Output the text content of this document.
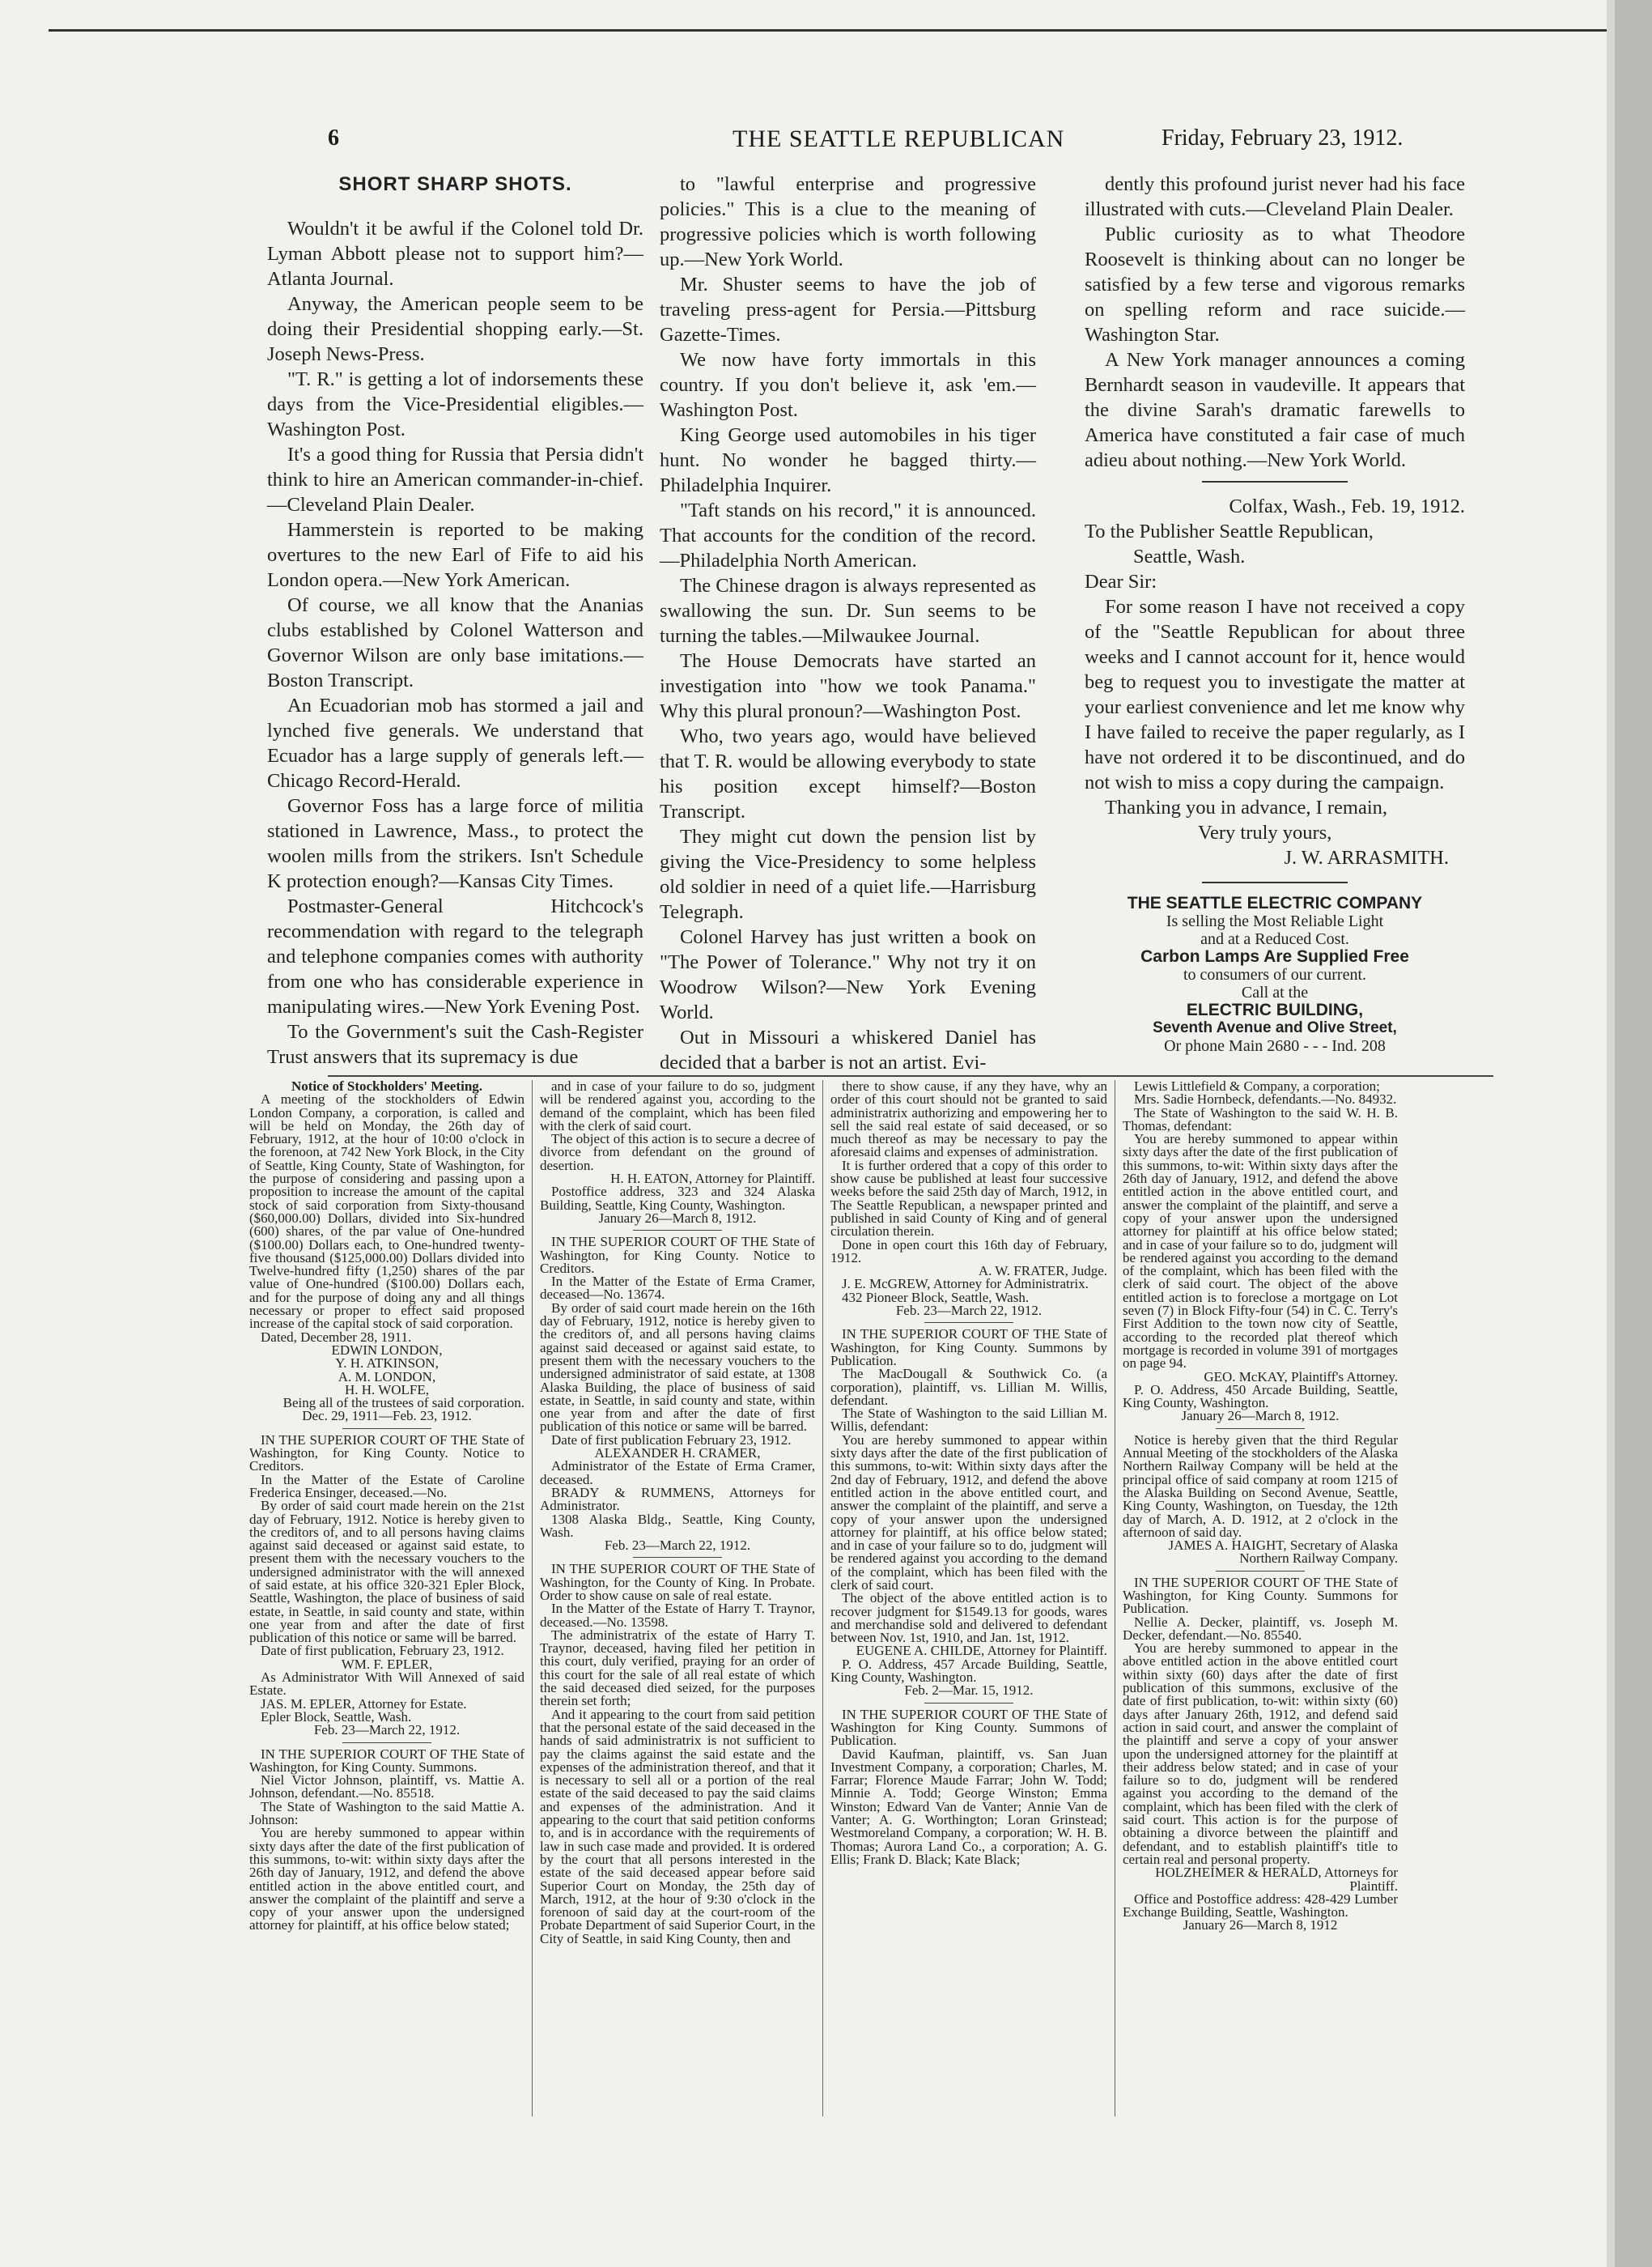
6	THE SEATTLE REPUBLICAN	Friday, February 23, 1912.
SHORT SHARP SHOTS.

Wouldn't it be awful if the Colonel told Dr. Lyman Abbott please not to support him?—Atlanta Journal.

Anyway, the American people seem to be doing their Presidential shopping early.—St. Joseph News-Press.

"T. R." is getting a lot of indorsements these days from the Vice-Presidential eligibles.—Washington Post.

It's a good thing for Russia that Persia didn't think to hire an American commander-in-chief.—Cleveland Plain Dealer.

Hammerstein is reported to be making overtures to the new Earl of Fife to aid his London opera.—New York American.

Of course, we all know that the Ananias clubs established by Colonel Watterson and Governor Wilson are only base imitations.—Boston Transcript.

An Ecuadorian mob has stormed a jail and lynched five generals. We understand that Ecuador has a large supply of generals left.—Chicago Record-Herald.

Governor Foss has a large force of militia stationed in Lawrence, Mass., to protect the woolen mills from the strikers. Isn't Schedule K protection enough?—Kansas City Times.

Postmaster-General Hitchcock's recommendation with regard to the telegraph and telephone companies comes with authority from one who has considerable experience in manipulating wires.—New York Evening Post.

To the Government's suit the Cash-Register Trust answers that its supremacy is due

to "lawful enterprise and progressive policies." This is a clue to the meaning of progressive policies which is worth following up.—New York World.

Mr. Shuster seems to have the job of traveling press-agent for Persia.—Pittsburg Gazette-Times.

We now have forty immortals in this country. If you don't believe it, ask 'em.—Washington Post.

King George used automobiles in his tiger hunt. No wonder he bagged thirty.—Philadelphia Inquirer.

"Taft stands on his record," it is announced. That accounts for the condition of the record.—Philadelphia North American.

The Chinese dragon is always represented as swallowing the sun. Dr. Sun seems to be turning the tables.—Milwaukee Journal.

The House Democrats have started an investigation into "how we took Panama." Why this plural pronoun?—Washington Post.

Who, two years ago, would have believed that T. R. would be allowing everybody to state his position except himself?—Boston Transcript.

They might cut down the pension list by giving the Vice-Presidency to some helpless old soldier in need of a quiet life.—Harrisburg Telegraph.

Colonel Harvey has just written a book on "The Power of Tolerance." Why not try it on Woodrow Wilson?—New York Evening World.

Out in Missouri a whiskered Daniel has decided that a barber is not an artist. Evi-

dently this profound jurist never had his face illustrated with cuts.—Cleveland Plain Dealer.

Public curiosity as to what Theodore Roosevelt is thinking about can no longer be satisfied by a few terse and vigorous remarks on spelling reform and race suicide.—Washington Star.

A New York manager announces a coming Bernhardt season in vaudeville. It appears that the divine Sarah's dramatic farewells to America have constituted a fair case of much adieu about nothing.—New York World.

Colfax, Wash., Feb. 19, 1912.

To the Publisher Seattle Republican,

Seattle, Wash.

Dear Sir:

For some reason I have not received a copy of the "Seattle Republican for about three weeks and I cannot account for it, hence would beg to request you to investigate the matter at your earliest convenience and let me know why I have failed to receive the paper regularly, as I have not ordered it to be discontinued, and do not wish to miss a copy during the campaign.

Thanking you in advance, I remain,

Very truly yours,

J. W. ARRASMITH.

THE SEATTLE ELECTRIC COMPANY
Is selling the Most Reliable Light
and at a Reduced Cost.
Carbon Lamps Are Supplied Free
to consumers of our current.
Call at the
ELECTRIC BUILDING,
Seventh Avenue and Olive Street,
Or phone Main 2680 - - - Ind. 208

Notice of Stockholders' Meeting.

A meeting of the stockholders of Edwin London Company, a corporation, is called and will be held on Monday, the 26th day of February, 1912, at the hour of 10:00 o'clock in the forenoon, at 742 New York Block, in the City of Seattle, King County, State of Washington, for the purpose of considering and passing upon a proposition to increase the amount of the capital stock of said corporation from Sixty-thousand ($60,000.00) Dollars, divided into Six-hundred (600) shares, of the par value of One-hundred ($100.00) Dollars each, to One-hundred twenty-five thousand ($125,000.00) Dollars divided into Twelve-hundred fifty (1,250) shares of the par value of One-hundred ($100.00) Dollars each, and for the purpose of doing any and all things necessary or proper to effect said proposed increase of the capital stock of said corporation.

Dated, December 28, 1911.

EDWIN LONDON,

Y. H. ATKINSON,

A. M. LONDON,

H. H. WOLFE,

Being all of the trustees of said corporation.

Dec. 29, 1911—Feb. 23, 1912.

IN THE SUPERIOR COURT OF THE State of Washington, for King County. Notice to Creditors.

In the Matter of the Estate of Caroline Frederica Ensinger, deceased.—No.

By order of said court made herein on the 21st day of February, 1912. Notice is hereby given to the creditors of, and to all persons having claims against said deceased or against said estate, to present them with the necessary vouchers to the undersigned administrator with the will annexed of said estate, at his office 320-321 Epler Block, Seattle, Washington, the place of business of said estate, in Seattle, in said county and state, within one year from and after the date of first publication of this notice or same will be barred.

Date of first publication, February 23, 1912.

WM. F. EPLER,

As Administrator With Will Annexed of said Estate.

JAS. M. EPLER, Attorney for Estate.

Epler Block, Seattle, Wash.

Feb. 23—March 22, 1912.

IN THE SUPERIOR COURT OF THE State of Washington, for King County. Summons.

Niel Victor Johnson, plaintiff, vs. Mattie A. Johnson, defendant.—No. 85518.

The State of Washington to the said Mattie A. Johnson:

You are hereby summoned to appear within sixty days after the date of the first publication of this summons, to-wit: within sixty days after the 26th day of January, 1912, and defend the above entitled action in the above entitled court, and answer the complaint of the plaintiff and serve a copy of your answer upon the undersigned attorney for plaintiff, at his office below stated;

and in case of your failure to do so, judgment will be rendered against you, according to the demand of the complaint, which has been filed with the clerk of said court.

The object of this action is to secure a decree of divorce from defendant on the ground of desertion.

H. H. EATON, Attorney for Plaintiff.

Postoffice address, 323 and 324 Alaska Building, Seattle, King County, Washington.

January 26—March 8, 1912.

IN THE SUPERIOR COURT OF THE State of Washington, for King County. Notice to Creditors.

In the Matter of the Estate of Erma Cramer, deceased—No. 13674.

By order of said court made herein on the 16th day of February, 1912, notice is hereby given to the creditors of, and all persons having claims against said deceased or against said estate, to present them with the necessary vouchers to the undersigned administrator of said estate, at 1308 Alaska Building, the place of business of said estate, in Seattle, in said county and state, within one year from and after the date of first publication of this notice or same will be barred.

Date of first publication February 23, 1912.

ALEXANDER H. CRAMER,

Administrator of the Estate of Erma Cramer, deceased.

BRADY & RUMMENS, Attorneys for Administrator.

1308 Alaska Bldg., Seattle, King County, Wash.

Feb. 23—March 22, 1912.

IN THE SUPERIOR COURT OF THE State of Washington, for the County of King. In Probate. Order to show cause on sale of real estate.

In the Matter of the Estate of Harry T. Traynor, deceased.—No. 13598.

The administratrix of the estate of Harry T. Traynor, deceased, having filed her petition in this court, duly verified, praying for an order of this court for the sale of all real estate of which the said deceased died seized, for the purposes therein set forth;

And it appearing to the court from said petition that the personal estate of the said deceased in the hands of said administratrix is not sufficient to pay the claims against the said estate and the expenses of the administration thereof, and that it is necessary to sell all or a portion of the real estate of the said deceased to pay the said claims and expenses of the administration. And it appearing to the court that said petition conforms to, and is in accordance with the requirements of law in such case made and provided. It is ordered by the court that all persons interested in the estate of the said deceased appear before said Superior Court on Monday, the 25th day of March, 1912, at the hour of 9:30 o'clock in the forenoon of said day at the court-room of the Probate Department of said Superior Court, in the City of Seattle, in said King County, then and

there to show cause, if any they have, why an order of this court should not be granted to said administratrix authorizing and empowering her to sell the said real estate of said deceased, or so much thereof as may be necessary to pay the aforesaid claims and expenses of administration.

It is further ordered that a copy of this order to show cause be published at least four successive weeks before the said 25th day of March, 1912, in The Seattle Republican, a newspaper printed and published in said County of King and of general circulation therein.

Done in open court this 16th day of February, 1912.

A. W. FRATER, Judge.

J. E. McGREW, Attorney for Administratrix.

432 Pioneer Block, Seattle, Wash.

Feb. 23—March 22, 1912.

IN THE SUPERIOR COURT OF THE State of Washington, for King County. Summons by Publication.

The MacDougall & Southwick Co. (a corporation), plaintiff, vs. Lillian M. Willis, defendant.

The State of Washington to the said Lillian M. Willis, defendant:

You are hereby summoned to appear within sixty days after the date of the first publication of this summons, to-wit: Within sixty days after the 2nd day of February, 1912, and defend the above entitled action in the above entitled court, and answer the complaint of the plaintiff, and serve a copy of your answer upon the undersigned attorney for plaintiff, at his office below stated; and in case of your failure so to do, judgment will be rendered against you according to the demand of the complaint, which has been filed with the clerk of said court.

The object of the above entitled action is to recover judgment for $1549.13 for goods, wares and merchandise sold and delivered to defendant between Nov. 1st, 1910, and Jan. 1st, 1912.

EUGENE A. CHILDE, Attorney for Plaintiff.

P. O. Address, 457 Arcade Building, Seattle, King County, Washington.

Feb. 2—Mar. 15, 1912.

IN THE SUPERIOR COURT OF THE State of Washington for King County. Summons of Publication.

David Kaufman, plaintiff, vs. San Juan Investment Company, a corporation; Charles, M. Farrar; Florence Maude Farrar; John W. Todd; Minnie A. Todd; George Winston; Emma Winston; Edward Van de Vanter; Annie Van de Vanter; A. G. Worthington; Loran Grinstead; Westmoreland Company, a corporation; W. H. B. Thomas; Aurora Land Co., a corporation; A. G. Ellis; Frank D. Black; Kate Black;

Lewis Littlefield & Company, a corporation;

Mrs. Sadie Hornbeck, defendants.—No. 84932.

The State of Washington to the said W. H. B. Thomas, defendant:

You are hereby summoned to appear within sixty days after the date of the first publication of this summons, to-wit: Within sixty days after the 26th day of January, 1912, and defend the above entitled action in the above entitled court, and answer the complaint of the plaintiff, and serve a copy of your answer upon the undersigned attorney for plaintiff at his office below stated; and in case of your failure so to do, judgment will be rendered against you according to the demand of the complaint, which has been filed with the clerk of said court. The object of the above entitled action is to foreclose a mortgage on Lot seven (7) in Block Fifty-four (54) in C. C. Terry's First Addition to the town now city of Seattle, according to the recorded plat thereof which mortgage is recorded in volume 391 of mortgages on page 94.

GEO. McKAY, Plaintiff's Attorney.

P. O. Address, 450 Arcade Building, Seattle, King County, Washington.

January 26—March 8, 1912.

Notice is hereby given that the third Regular Annual Meeting of the stockholders of the Alaska Northern Railway Company will be held at the principal office of said company at room 1215 of the Alaska Building on Second Avenue, Seattle, King County, Washington, on Tuesday, the 12th day of March, A. D. 1912, at 2 o'clock in the afternoon of said day.

JAMES A. HAIGHT, Secretary of Alaska Northern Railway Company.

IN THE SUPERIOR COURT OF THE State of Washington, for King County. Summons for Publication.

Nellie A. Decker, plaintiff, vs. Joseph M. Decker, defendant.—No. 85540.

You are hereby summoned to appear in the above entitled action in the above entitled court within sixty (60) days after the date of first publication of this summons, exclusive of the date of first publication, to-wit: within sixty (60) days after January 26th, 1912, and defend said action in said court, and answer the complaint of the plaintiff and serve a copy of your answer upon the undersigned attorney for the plaintiff at their address below stated; and in case of your failure so to do, judgment will be rendered against you according to the demand of the complaint, which has been filed with the clerk of said court. This action is for the purpose of obtaining a divorce between the plaintiff and defendant, and to establish plaintiff's title to certain real and personal property.

HOLZHEIMER & HERALD, Attorneys for Plaintiff.

Office and Postoffice address: 428-429 Lumber Exchange Building, Seattle, Washington.

January 26—March 8, 1912
